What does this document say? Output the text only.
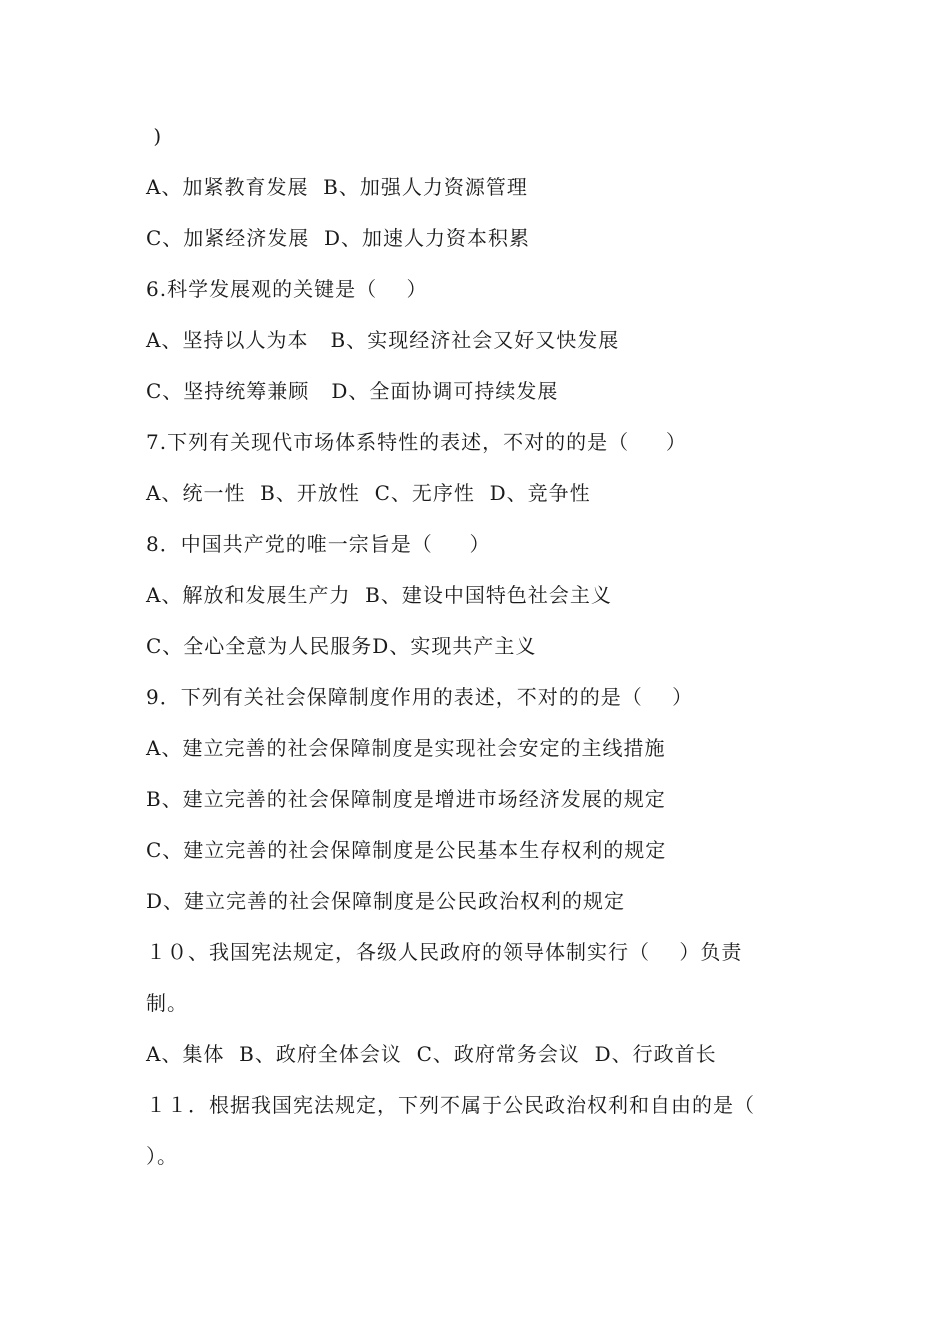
)
A、加紧教育发展  B、加强人力资源管理
C、加紧经济发展  D、加速人力资本积累
6.科学发展观的关键是（    ）
A、坚持以人为本   B、实现经济社会又好又快发展
C、坚持统筹兼顾   D、全面协调可持续发展
7.下列有关现代市场体系特性的表述，不对的的是（     ）
A、统一性  B、开放性  C、无序性  D、竞争性
8．中国共产党的唯一宗旨是（     ）
A、解放和发展生产力  B、建设中国特色社会主义
C、全心全意为人民服务D、实现共产主义
9．下列有关社会保障制度作用的表述，不对的的是（    ）
A、建立完善的社会保障制度是实现社会安定的主线措施
B、建立完善的社会保障制度是增进市场经济发展的规定
C、建立完善的社会保障制度是公民基本生存权利的规定
D、建立完善的社会保障制度是公民政治权利的规定
１０、我国宪法规定，各级人民政府的领导体制实行（    ）负责
制。
A、集体  B、政府全体会议  C、政府常务会议  D、行政首长
１１．根据我国宪法规定，下列不属于公民政治权利和自由的是（
）。
